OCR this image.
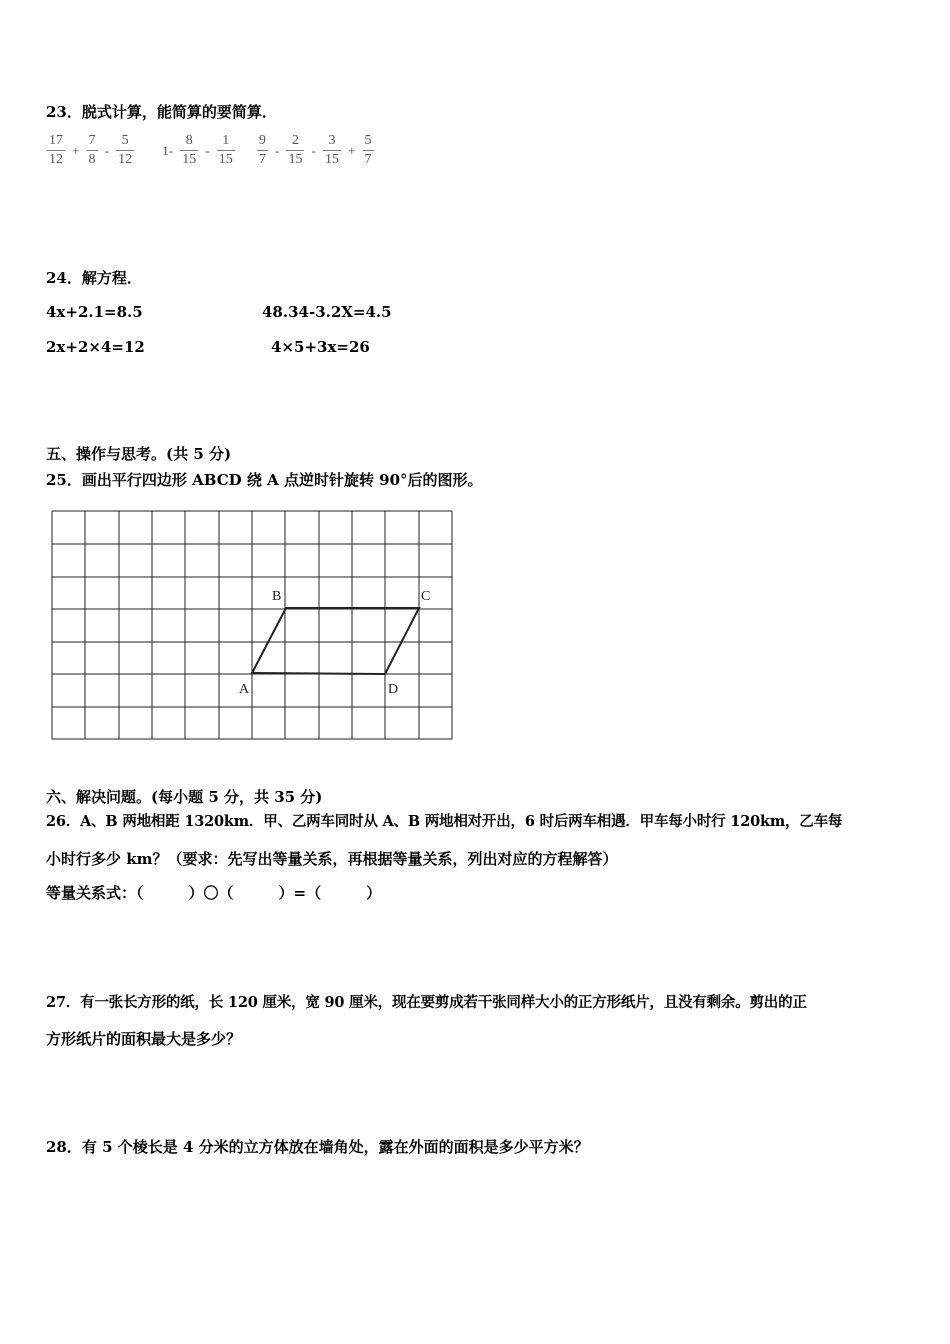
23．脱式计算，能简算的要简算．
$\frac{17}{12} + \frac{7}{8} - \frac{5}{12} 1- \frac{8}{15} - \frac{1}{15}$
$\frac{9}{7} - \frac{2}{15} - \frac{3}{15} + \frac{5}{7}$
24．解方程．
4x+2.1=8.5	48.34-3.2X=4.5
2x+2×4=12	4×5+3x=26
五、操作与思考。(共 5 分)
25．画出平行四边形 ABCD 绕 A 点逆时针旋转 90°后的图形。
A
B	C
D
六、解决问题。(每小题 5 分，共 35 分)
26．A、B 两地相距 1320km．甲、乙两车同时从 A、B 两地相对开出，6 时后两车相遇．甲车每小时行 120km，乙车每
小时行多少 km？（要求：先写出等量关系，再根据等量关系，列出对应的方程解答）
等量关系式：（　　　）〇（　　　）=（　　　）
27．有一张长方形的纸，长 120 厘米，宽 90 厘米，现在要剪成若干张同样大小的正方形纸片，且没有剩余。剪出的正
方形纸片的面积最大是多少？
28．有 5 个棱长是 4 分米的立方体放在墙角处，露在外面的面积是多少平方米？
